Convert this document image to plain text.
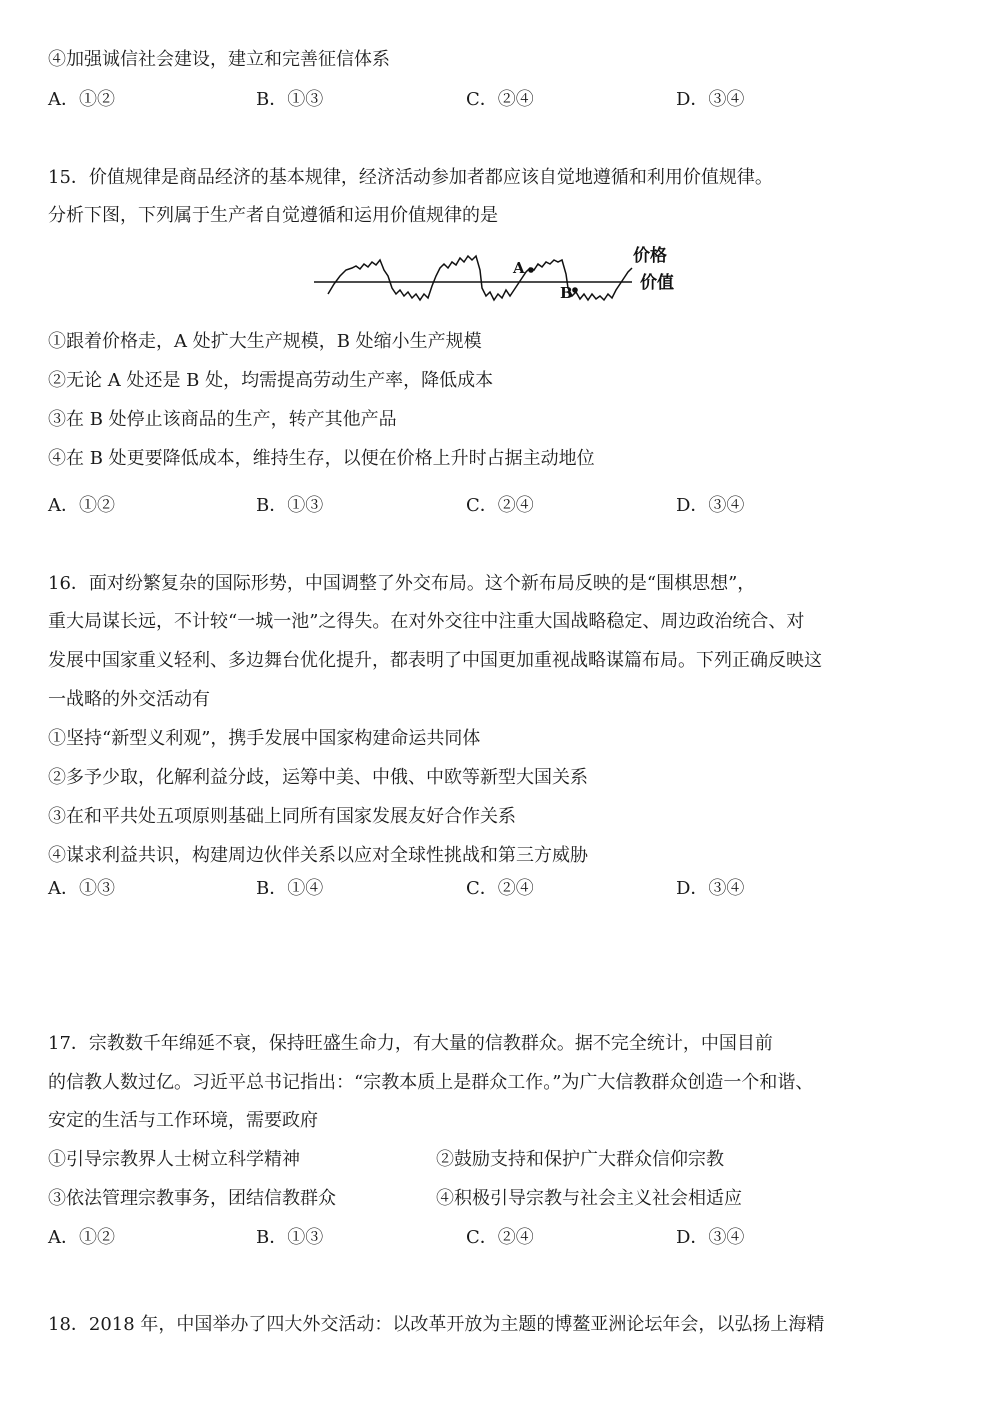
④加强诚信社会建设，建立和完善征信体系
A．①②	B．①③	C．②④	D．③④
15．价值规律是商品经济的基本规律，经济活动参加者都应该自觉地遵循和利用价值规律。
分析下图，下列属于生产者自觉遵循和运用价值规律的是
A
B
价格
价值
①跟着价格走，A 处扩大生产规模，B 处缩小生产规模
②无论 A 处还是 B 处，均需提高劳动生产率，降低成本
③在 B 处停止该商品的生产，转产其他产品
④在 B 处更要降低成本，维持生存，以便在价格上升时占据主动地位
A．①②	B．①③	C．②④	D．③④
16．面对纷繁复杂的国际形势，中国调整了外交布局。这个新布局反映的是“围棋思想”，
重大局谋长远，不计较“一城一池”之得失。在对外交往中注重大国战略稳定、周边政治统合、对
发展中国家重义轻利、多边舞台优化提升，都表明了中国更加重视战略谋篇布局。下列正确反映这
一战略的外交活动有
①坚持“新型义利观”，携手发展中国家构建命运共同体
②多予少取，化解利益分歧，运筹中美、中俄、中欧等新型大国关系
③在和平共处五项原则基础上同所有国家发展友好合作关系
④谋求利益共识，构建周边伙伴关系以应对全球性挑战和第三方威胁
A．①③	B．①④	C．②④	D．③④
17．宗教数千年绵延不衰，保持旺盛生命力，有大量的信教群众。据不完全统计，中国目前
的信教人数过亿。习近平总书记指出：“宗教本质上是群众工作。”为广大信教群众创造一个和谐、
安定的生活与工作环境，需要政府
①引导宗教界人士树立科学精神	②鼓励支持和保护广大群众信仰宗教
③依法管理宗教事务，团结信教群众	④积极引导宗教与社会主义社会相适应
A．①②	B．①③	C．②④	D．③④
18．2018 年，中国举办了四大外交活动：以改革开放为主题的博鳌亚洲论坛年会，以弘扬上海精
